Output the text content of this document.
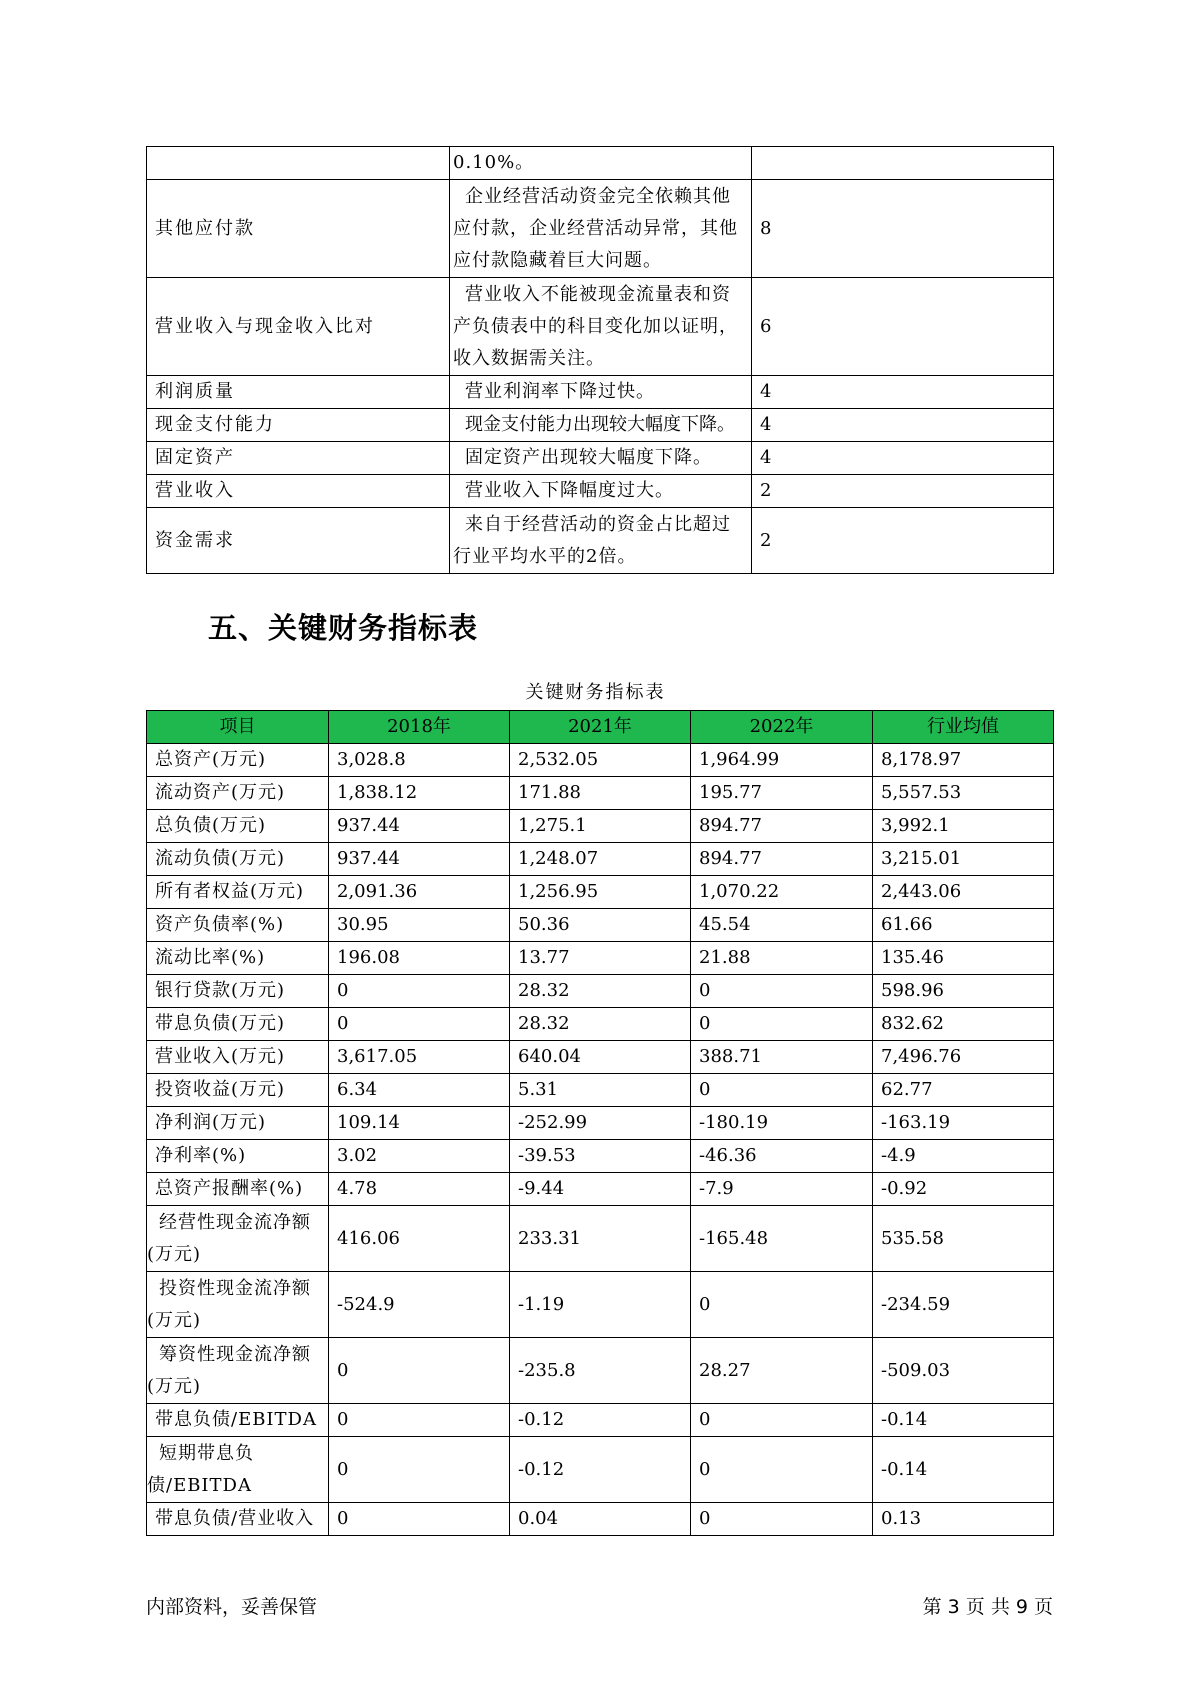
	0.10%。	
其他应付款	企业经营活动资金完全依赖其他应付款，企业经营活动异常，其他应付款隐藏着巨大问题。	8
营业收入与现金收入比对	营业收入不能被现金流量表和资产负债表中的科目变化加以证明，收入数据需关注。	6
利润质量	营业利润率下降过快。	4
现金支付能力	现金支付能力出现较大幅度下降。	4
固定资产	固定资产出现较大幅度下降。	4
营业收入	营业收入下降幅度过大。	2
资金需求	来自于经营活动的资金占比超过行业平均水平的2倍。	2
五、关键财务指标表
关键财务指标表
项目	2018年	2021年	2022年	行业均值
总资产(万元)	3,028.8	2,532.05	1,964.99	8,178.97
流动资产(万元)	1,838.12	171.88	195.77	5,557.53
总负债(万元)	937.44	1,275.1	894.77	3,992.1
流动负债(万元)	937.44	1,248.07	894.77	3,215.01
所有者权益(万元)	2,091.36	1,256.95	1,070.22	2,443.06
资产负债率(%)	30.95	50.36	45.54	61.66
流动比率(%)	196.08	13.77	21.88	135.46
银行贷款(万元)	0	28.32	0	598.96
带息负债(万元)	0	28.32	0	832.62
营业收入(万元)	3,617.05	640.04	388.71	7,496.76
投资收益(万元)	6.34	5.31	0	62.77
净利润(万元)	109.14	-252.99	-180.19	-163.19
净利率(%)	3.02	-39.53	-46.36	-4.9
总资产报酬率(%)	4.78	-9.44	-7.9	-0.92
经营性现金流净额(万元)	416.06	233.31	-165.48	535.58
投资性现金流净额(万元)	-524.9	-1.19	0	-234.59
筹资性现金流净额(万元)	0	-235.8	28.27	-509.03
带息负债/EBITDA	0	-0.12	0	-0.14
短期带息负债/EBITDA	0	-0.12	0	-0.14
带息负债/营业收入	0	0.04	0	0.13
内部资料，妥善保管	第 3 页 共 9 页
